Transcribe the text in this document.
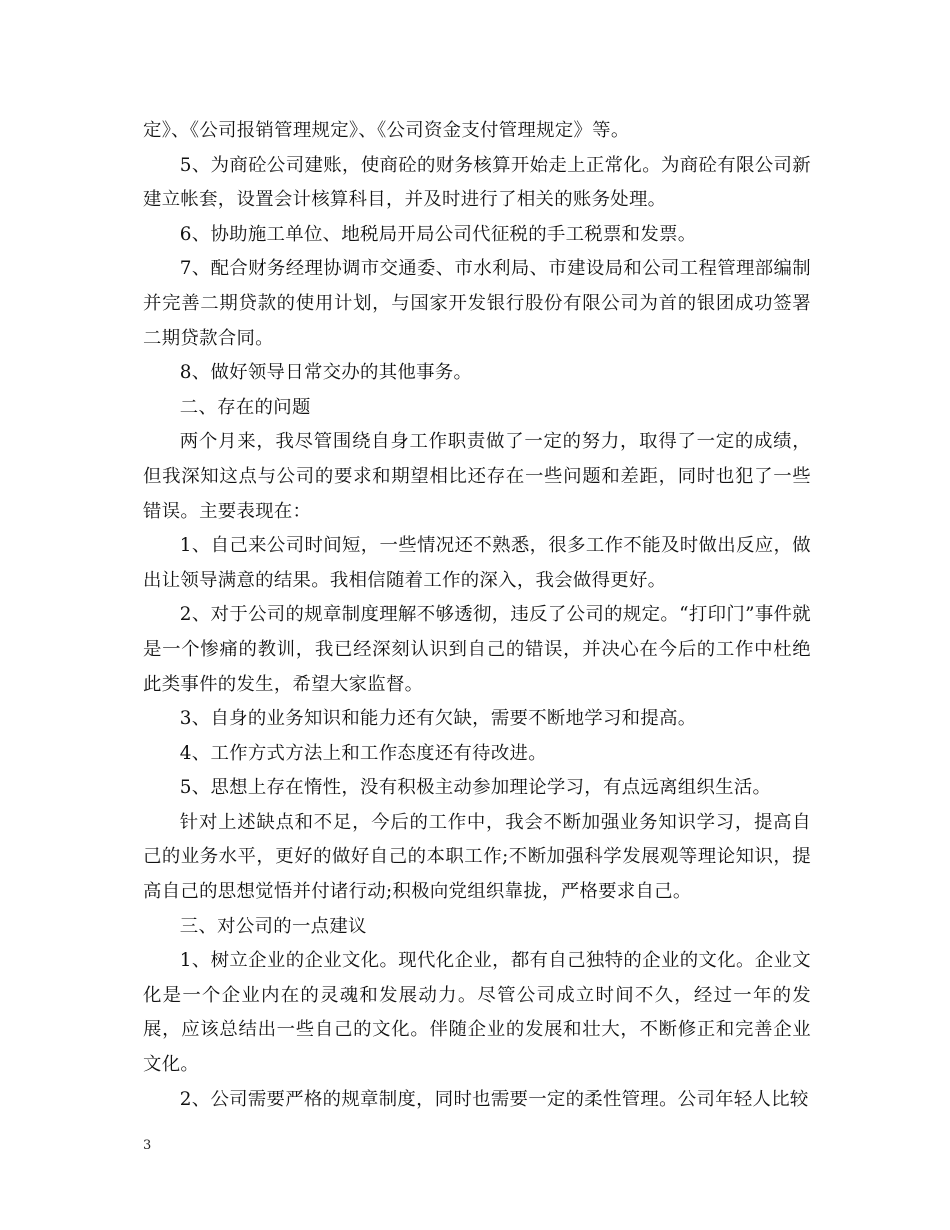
定》、《公司报销管理规定》、《公司资金支付管理规定》等。

5、为商砼公司建账，使商砼的财务核算开始走上正常化。为商砼有限公司新建立帐套，设置会计核算科目，并及时进行了相关的账务处理。

6、协助施工单位、地税局开局公司代征税的手工税票和发票。

7、配合财务经理协调市交通委、市水利局、市建设局和公司工程管理部编制并完善二期贷款的使用计划，与国家开发银行股份有限公司为首的银团成功签署二期贷款合同。

8、做好领导日常交办的其他事务。

二、存在的问题

两个月来，我尽管围绕自身工作职责做了一定的努力，取得了一定的成绩，但我深知这点与公司的要求和期望相比还存在一些问题和差距，同时也犯了一些错误。主要表现在：

1、自己来公司时间短，一些情况还不熟悉，很多工作不能及时做出反应，做出让领导满意的结果。我相信随着工作的深入，我会做得更好。

2、对于公司的规章制度理解不够透彻，违反了公司的规定。“打印门”事件就是一个惨痛的教训，我已经深刻认识到自己的错误，并决心在今后的工作中杜绝此类事件的发生，希望大家监督。

3、自身的业务知识和能力还有欠缺，需要不断地学习和提高。

4、工作方式方法上和工作态度还有待改进。

5、思想上存在惰性，没有积极主动参加理论学习，有点远离组织生活。

针对上述缺点和不足，今后的工作中，我会不断加强业务知识学习，提高自己的业务水平，更好的做好自己的本职工作;不断加强科学发展观等理论知识，提高自己的思想觉悟并付诸行动;积极向党组织靠拢，严格要求自己。

三、对公司的一点建议

1、树立企业的企业文化。现代化企业，都有自己独特的企业的文化。企业文化是一个企业内在的灵魂和发展动力。尽管公司成立时间不久，经过一年的发展，应该总结出一些自己的文化。伴随企业的发展和壮大，不断修正和完善企业文化。

2、公司需要严格的规章制度，同时也需要一定的柔性管理。公司年轻人比较

3
